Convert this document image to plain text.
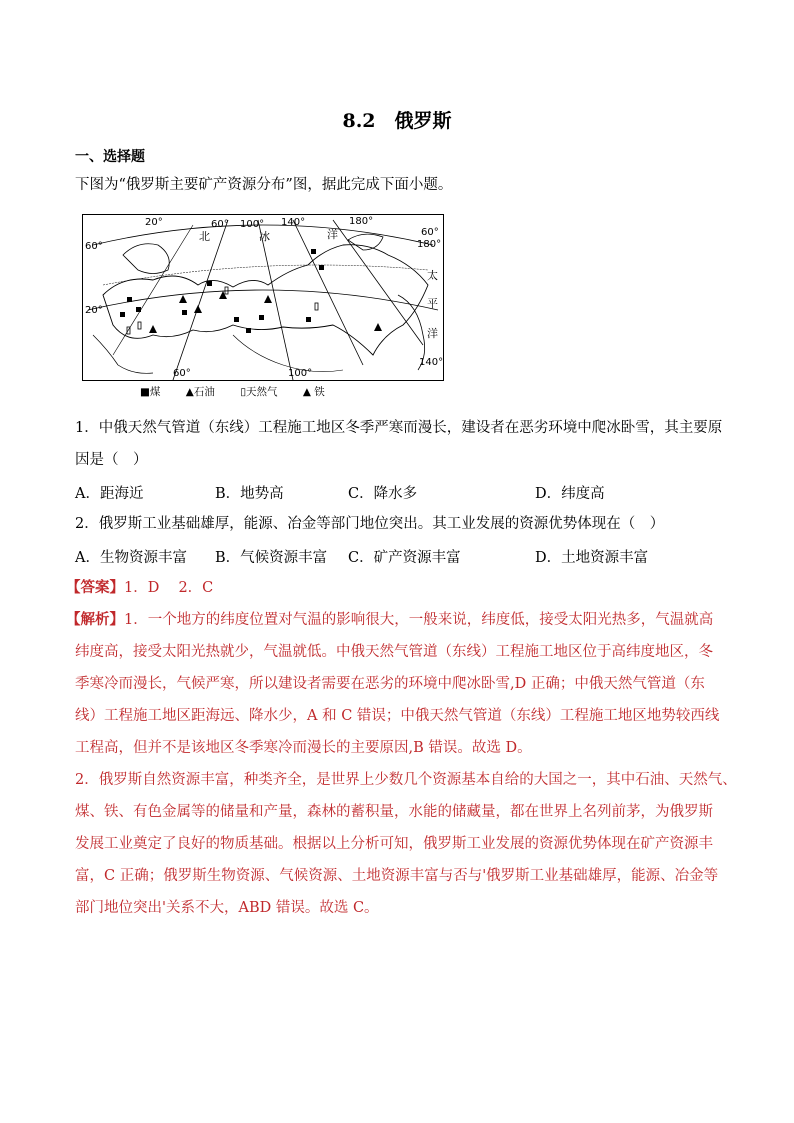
8.2　俄罗斯
一、选择题
下图为“俄罗斯主要矿产资源分布”图，据此完成下面小题。
20°	60° 100° 140°	180°
60°
180°
60°
20°
60°	100°
140°
北	冰	洋
太
平
洋
■煤 ▲石油 ▯天然气 ▲ 铁
1．中俄天然气管道（东线）工程施工地区冬季严寒而漫长，建设者在恶劣环境中爬冰卧雪，其主要原
因是（　）
A．距海近	B．地势高	C．降水多	D．纬度高
2．俄罗斯工业基础雄厚，能源、冶金等部门地位突出。其工业发展的资源优势体现在（　）
A．生物资源丰富 B．气候资源丰富 C．矿产资源丰富	D．土地资源丰富
【答案】1．D　 2．C
【解析】1．一个地方的纬度位置对气温的影响很大，一般来说，纬度低，接受太阳光热多，气温就高
纬度高，接受太阳光热就少，气温就低。中俄天然气管道（东线）工程施工地区位于高纬度地区，冬
季寒冷而漫长，气候严寒，所以建设者需要在恶劣的环境中爬冰卧雪,D 正确；中俄天然气管道（东
线）工程施工地区距海远、降水少，A 和 C 错误；中俄天然气管道（东线）工程施工地区地势较西线
工程高，但并不是该地区冬季寒冷而漫长的主要原因,B 错误。故选 D。
2．俄罗斯自然资源丰富，种类齐全，是世界上少数几个资源基本自给的大国之一，其中石油、天然气、
煤、铁、有色金属等的储量和产量，森林的蓄积量，水能的储藏量，都在世界上名列前茅，为俄罗斯
发展工业奠定了良好的物质基础。根据以上分析可知，俄罗斯工业发展的资源优势体现在矿产资源丰
富，C 正确；俄罗斯生物资源、气候资源、土地资源丰富与否与'俄罗斯工业基础雄厚，能源、冶金等
部门地位突出'关系不大，ABD 错误。故选 C。
